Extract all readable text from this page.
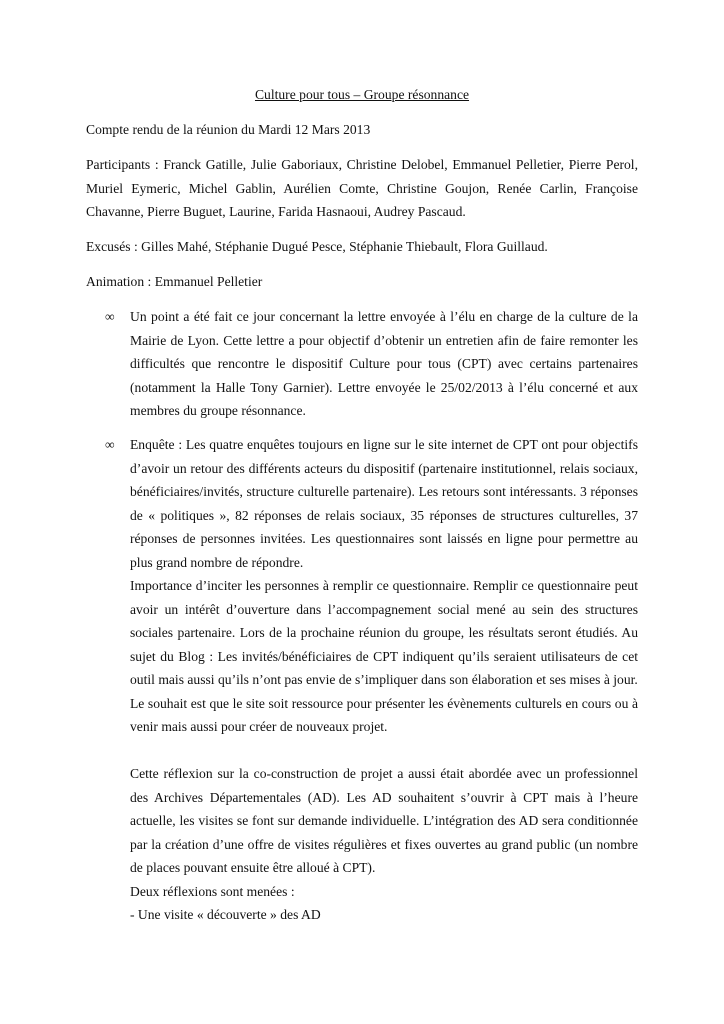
Culture pour tous – Groupe résonnance
Compte rendu de la réunion du Mardi 12 Mars 2013
Participants : Franck Gatille, Julie Gaboriaux, Christine Delobel, Emmanuel Pelletier, Pierre Perol, Muriel Eymeric, Michel Gablin, Aurélien Comte, Christine Goujon, Renée Carlin, Françoise Chavanne, Pierre Buguet, Laurine, Farida Hasnaoui, Audrey Pascaud.
Excusés : Gilles Mahé, Stéphanie Dugué Pesce, Stéphanie Thiebault, Flora Guillaud.
Animation : Emmanuel Pelletier
∞ Un point a été fait ce jour concernant la lettre envoyée à l’élu en charge de la culture de la Mairie de Lyon. Cette lettre a pour objectif d’obtenir un entretien afin de faire remonter les difficultés que rencontre le dispositif Culture pour tous (CPT) avec certains partenaires (notamment la Halle Tony Garnier). Lettre envoyée le 25/02/2013 à l’élu concerné et aux membres du groupe résonnance.

∞ Enquête : Les quatre enquêtes toujours en ligne sur le site internet de CPT ont pour objectifs d’avoir un retour des différents acteurs du dispositif (partenaire institutionnel, relais sociaux, bénéficiaires/invités, structure culturelle partenaire). Les retours sont intéressants. 3 réponses de « politiques », 82 réponses de relais sociaux, 35 réponses de structures culturelles, 37 réponses de personnes invitées. Les questionnaires sont laissés en ligne pour permettre au plus grand nombre de répondre.

Importance d’inciter les personnes à remplir ce questionnaire. Remplir ce questionnaire peut avoir un intérêt d’ouverture dans l’accompagnement social mené au sein des structures sociales partenaire. Lors de la prochaine réunion du groupe, les résultats seront étudiés. Au sujet du Blog : Les invités/bénéficiaires de CPT indiquent qu’ils seraient utilisateurs de cet outil mais aussi qu’ils n’ont pas envie de s’impliquer dans son élaboration et ses mises à jour.

Le souhait est que le site soit ressource pour présenter les évènements culturels en cours ou à venir mais aussi pour créer de nouveaux projet.

Cette réflexion sur la co-construction de projet a aussi était abordée avec un professionnel des Archives Départementales (AD). Les AD souhaitent s’ouvrir à CPT mais à l’heure actuelle, les visites se font sur demande individuelle. L’intégration des AD sera conditionnée par la création d’une offre de visites régulières et fixes ouvertes au grand public (un nombre de places pouvant ensuite être alloué à CPT).

Deux réflexions sont menées :

- Une visite « découverte » des AD
